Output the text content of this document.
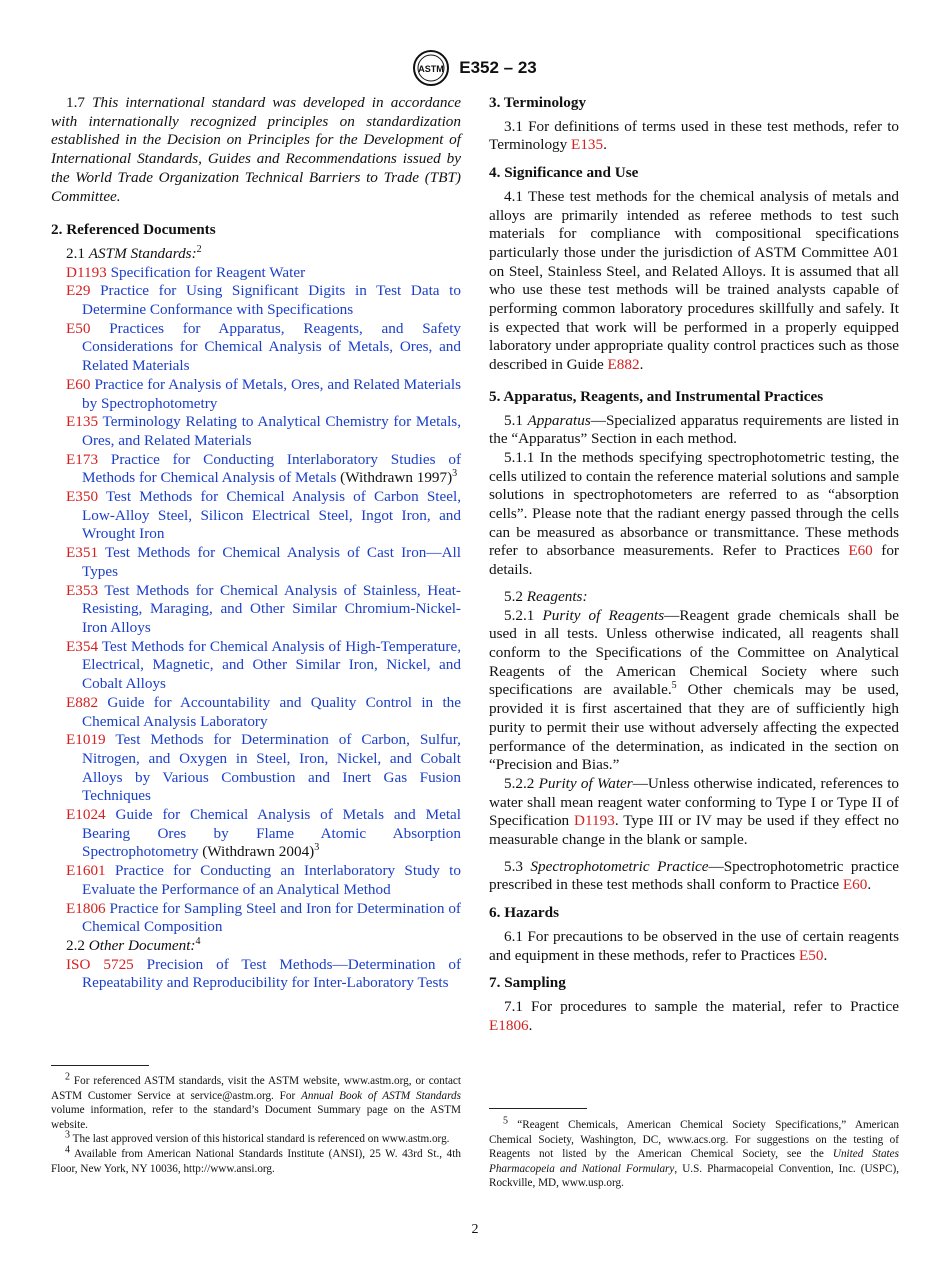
ASTM E352 – 23

1.7 This international standard was developed in accordance with internationally recognized principles on standardization established in the Decision on Principles for the Development of International Standards, Guides and Recommendations issued by the World Trade Organization Technical Barriers to Trade (TBT) Committee.

2. Referenced Documents

2.1 ASTM Standards:$^2$

D1193 Specification for Reagent Water

E29 Practice for Using Significant Digits in Test Data to Determine Conformance with Specifications

E50 Practices for Apparatus, Reagents, and Safety Considerations for Chemical Analysis of Metals, Ores, and Related Materials

E60 Practice for Analysis of Metals, Ores, and Related Materials by Spectrophotometry

E135 Terminology Relating to Analytical Chemistry for Metals, Ores, and Related Materials

E173 Practice for Conducting Interlaboratory Studies of Methods for Chemical Analysis of Metals (Withdrawn 1997)$^3$

E350 Test Methods for Chemical Analysis of Carbon Steel, Low-Alloy Steel, Silicon Electrical Steel, Ingot Iron, and Wrought Iron

E351 Test Methods for Chemical Analysis of Cast Iron—All Types

E353 Test Methods for Chemical Analysis of Stainless, Heat-Resisting, Maraging, and Other Similar Chromium-Nickel-Iron Alloys

E354 Test Methods for Chemical Analysis of High-Temperature, Electrical, Magnetic, and Other Similar Iron, Nickel, and Cobalt Alloys

E882 Guide for Accountability and Quality Control in the Chemical Analysis Laboratory

E1019 Test Methods for Determination of Carbon, Sulfur, Nitrogen, and Oxygen in Steel, Iron, Nickel, and Cobalt Alloys by Various Combustion and Inert Gas Fusion Techniques

E1024 Guide for Chemical Analysis of Metals and Metal Bearing Ores by Flame Atomic Absorption Spectrophotometry (Withdrawn 2004)$^3$

E1601 Practice for Conducting an Interlaboratory Study to Evaluate the Performance of an Analytical Method

E1806 Practice for Sampling Steel and Iron for Determination of Chemical Composition

2.2 Other Document:$^4$

ISO 5725 Precision of Test Methods—Determination of Repeatability and Reproducibility for Inter-Laboratory Tests

$^2$ For referenced ASTM standards, visit the ASTM website, www.astm.org, or contact ASTM Customer Service at service@astm.org. For Annual Book of ASTM Standards volume information, refer to the standard’s Document Summary page on the ASTM website.

$^3$ The last approved version of this historical standard is referenced on www.astm.org.

$^4$ Available from American National Standards Institute (ANSI), 25 W. 43rd St., 4th Floor, New York, NY 10036, http://www.ansi.org.

3. Terminology

3.1 For definitions of terms used in these test methods, refer to Terminology E135.

4. Significance and Use

4.1 These test methods for the chemical analysis of metals and alloys are primarily intended as referee methods to test such materials for compliance with compositional specifications particularly those under the jurisdiction of ASTM Committee A01 on Steel, Stainless Steel, and Related Alloys. It is assumed that all who use these test methods will be trained analysts capable of performing common laboratory procedures skillfully and safely. It is expected that work will be performed in a properly equipped laboratory under appropriate quality control practices such as those described in Guide E882.

5. Apparatus, Reagents, and Instrumental Practices

5.1 Apparatus—Specialized apparatus requirements are listed in the “Apparatus” Section in each method.

5.1.1 In the methods specifying spectrophotometric testing, the cells utilized to contain the reference material solutions and sample solutions in spectrophotometers are referred to as “absorption cells”. Please note that the radiant energy passed through the cells can be measured as absorbance or transmittance. These methods refer to absorbance measurements. Refer to Practices E60 for details.

5.2 Reagents:

5.2.1 Purity of Reagents—Reagent grade chemicals shall be used in all tests. Unless otherwise indicated, all reagents shall conform to the Specifications of the Committee on Analytical Reagents of the American Chemical Society where such specifications are available.$^5$ Other chemicals may be used, provided it is first ascertained that they are of sufficiently high purity to permit their use without adversely affecting the expected performance of the determination, as indicated in the section on “Precision and Bias.”

5.2.2 Purity of Water—Unless otherwise indicated, references to water shall mean reagent water conforming to Type I or Type II of Specification D1193. Type III or IV may be used if they effect no measurable change in the blank or sample.

5.3 Spectrophotometric Practice—Spectrophotometric practice prescribed in these test methods shall conform to Practice E60.

6. Hazards

6.1 For precautions to be observed in the use of certain reagents and equipment in these methods, refer to Practices E50.

7. Sampling

7.1 For procedures to sample the material, refer to Practice E1806.

$^5$ “Reagent Chemicals, American Chemical Society Specifications,” American Chemical Society, Washington, DC, www.acs.org. For suggestions on the testing of Reagents not listed by the American Chemical Society, see the United States Pharmacopeia and National Formulary, U.S. Pharmacopeial Convention, Inc. (USPC), Rockville, MD, www.usp.org.

2
